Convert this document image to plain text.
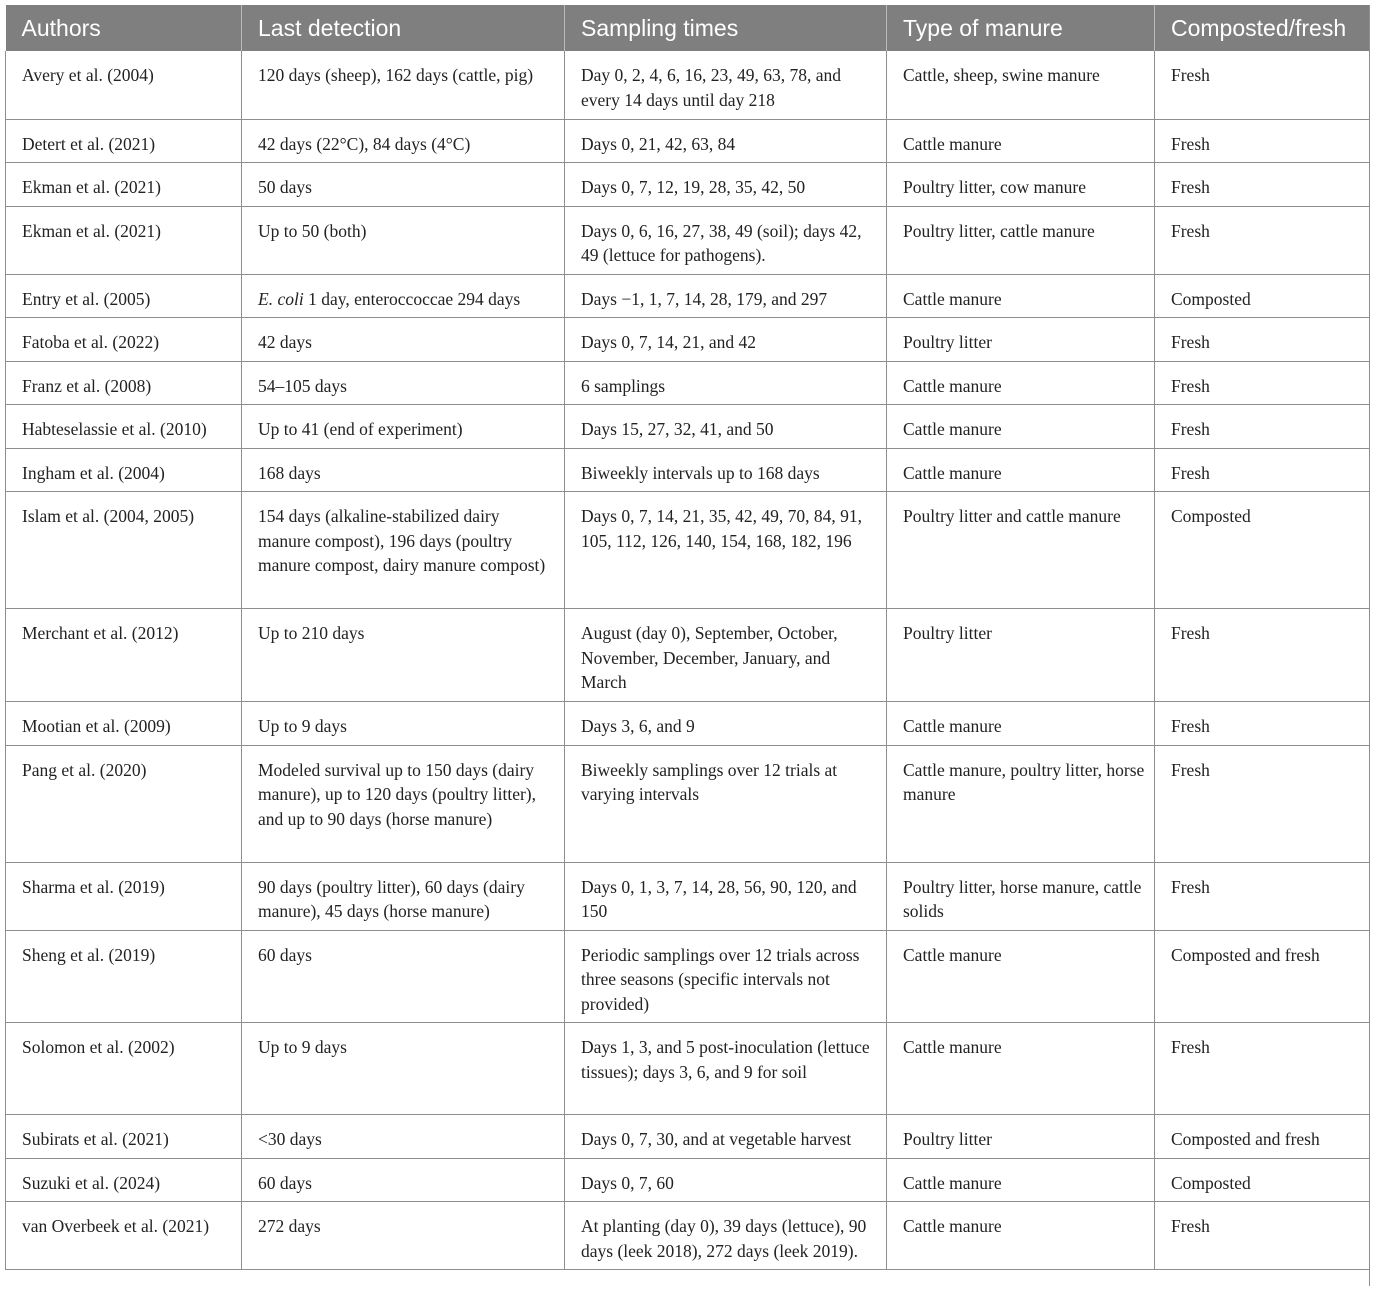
Authors	Last detection	Sampling times	Type of manure	Composted/fresh
Avery et al. (2004)	120 days (sheep), 162 days (cattle, pig)	Day 0, 2, 4, 6, 16, 23, 49, 63, 78, and every 14 days until day 218	Cattle, sheep, swine manure	Fresh
Detert et al. (2021)	42 days (22°C), 84 days (4°C)	Days 0, 21, 42, 63, 84	Cattle manure	Fresh
Ekman et al. (2021)	50 days	Days 0, 7, 12, 19, 28, 35, 42, 50	Poultry litter, cow manure	Fresh
Ekman et al. (2021)	Up to 50 (both)	Days 0, 6, 16, 27, 38, 49 (soil); days 42, 49 (lettuce for pathogens).	Poultry litter, cattle manure	Fresh
Entry et al. (2005)	E. coli 1 day, enteroccoccae 294 days	Days −1, 1, 7, 14, 28, 179, and 297	Cattle manure	Composted
Fatoba et al. (2022)	42 days	Days 0, 7, 14, 21, and 42	Poultry litter	Fresh
Franz et al. (2008)	54–105 days	6 samplings	Cattle manure	Fresh
Habteselassie et al. (2010)	Up to 41 (end of experiment)	Days 15, 27, 32, 41, and 50	Cattle manure	Fresh
Ingham et al. (2004)	168 days	Biweekly intervals up to 168 days	Cattle manure	Fresh
Islam et al. (2004, 2005)	154 days (alkaline-stabilized dairy manure compost), 196 days (poultry manure compost, dairy manure compost)	Days 0, 7, 14, 21, 35, 42, 49, 70, 84, 91, 105, 112, 126, 140, 154, 168, 182, 196	Poultry litter and cattle manure	Composted
Merchant et al. (2012)	Up to 210 days	August (day 0), September, October, November, December, January, and March	Poultry litter	Fresh
Mootian et al. (2009)	Up to 9 days	Days 3, 6, and 9	Cattle manure	Fresh
Pang et al. (2020)	Modeled survival up to 150 days (dairy manure), up to 120 days (poultry litter), and up to 90 days (horse manure)	Biweekly samplings over 12 trials at varying intervals	Cattle manure, poultry litter, horse manure	Fresh
Sharma et al. (2019)	90 days (poultry litter), 60 days (dairy manure), 45 days (horse manure)	Days 0, 1, 3, 7, 14, 28, 56, 90, 120, and 150	Poultry litter, horse manure, cattle solids	Fresh
Sheng et al. (2019)	60 days	Periodic samplings over 12 trials across three seasons (specific intervals not provided)	Cattle manure	Composted and fresh
Solomon et al. (2002)	Up to 9 days	Days 1, 3, and 5 post-inoculation (lettuce tissues); days 3, 6, and 9 for soil	Cattle manure	Fresh
Subirats et al. (2021)	<30 days	Days 0, 7, 30, and at vegetable harvest	Poultry litter	Composted and fresh
Suzuki et al. (2024)	60 days	Days 0, 7, 60	Cattle manure	Composted
van Overbeek et al. (2021)	272 days	At planting (day 0), 39 days (lettuce), 90 days (leek 2018), 272 days (leek 2019).	Cattle manure	Fresh
